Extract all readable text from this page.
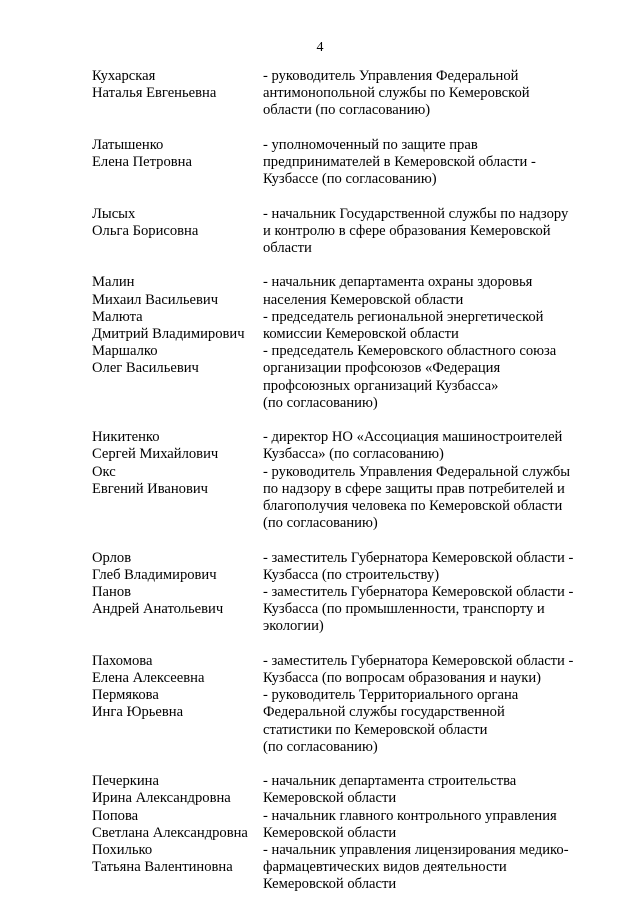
4
Кухарская
Наталья Евгеньевна
- руководитель Управления Федеральной
антимонопольной службы по Кемеровской
области (по согласованию)
Латышенко
Елена Петровна
- уполномоченный по защите прав
предпринимателей в Кемеровской области -
Кузбассе (по согласованию)
Лысых
Ольга Борисовна
- начальник Государственной службы по надзору
и контролю в сфере образования Кемеровской
области
Малин
Михаил Васильевич
- начальник департамента охраны здоровья
населения Кемеровской области
Малюта
Дмитрий Владимирович
- председатель региональной энергетической
комиссии Кемеровской области
Маршалко
Олег Васильевич
- председатель Кемеровского областного союза
организации профсоюзов «Федерация
профсоюзных организаций Кузбасса»
(по согласованию)
Никитенко
Сергей Михайлович
- директор НО «Ассоциация машиностроителей
Кузбасса» (по согласованию)
Окс
Евгений Иванович
- руководитель Управления Федеральной службы
по надзору в сфере защиты прав потребителей и
благополучия человека по Кемеровской области
(по согласованию)
Орлов
Глеб Владимирович
- заместитель Губернатора Кемеровской области -
Кузбасса (по строительству)
Панов
Андрей Анатольевич
- заместитель Губернатора Кемеровской области -
Кузбасса (по промышленности, транспорту и
экологии)
Пахомова
Елена Алексеевна
- заместитель Губернатора Кемеровской области -
Кузбасса (по вопросам образования и науки)
Пермякова
Инга Юрьевна
- руководитель Территориального органа
Федеральной службы государственной
статистики по Кемеровской области
(по согласованию)
Печеркина
Ирина Александровна
- начальник департамента строительства
Кемеровской области
Попова
Светлана Александровна
- начальник главного контрольного управления
Кемеровской области
Похилько
Татьяна Валентиновна
- начальник управления лицензирования медико-
фармацевтических видов деятельности
Кемеровской области
